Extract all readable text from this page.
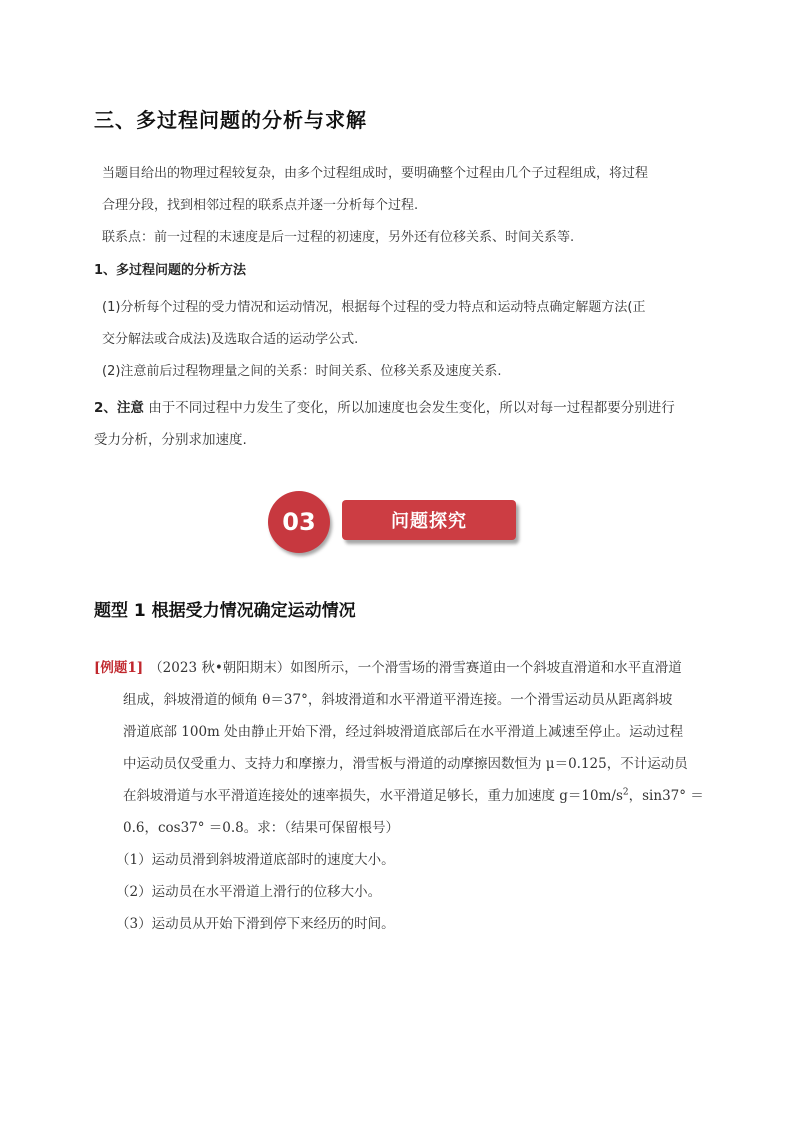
三、多过程问题的分析与求解
当题目给出的物理过程较复杂，由多个过程组成时，要明确整个过程由几个子过程组成，将过程
合理分段，找到相邻过程的联系点并逐一分析每个过程.
联系点：前一过程的末速度是后一过程的初速度，另外还有位移关系、时间关系等.
1、多过程问题的分析方法
(1)分析每个过程的受力情况和运动情况，根据每个过程的受力特点和运动特点确定解题方法(正
交分解法或合成法)及选取合适的运动学公式.
(2)注意前后过程物理量之间的关系：时间关系、位移关系及速度关系.
2、注意 由于不同过程中力发生了变化，所以加速度也会发生变化，所以对每一过程都要分别进行
受力分析，分别求加速度.
03	问题探究
题型 1 根据受力情况确定运动情况
[例题1] （2023 秋•朝阳期末）如图所示，一个滑雪场的滑雪赛道由一个斜坡直滑道和水平直滑道
组成，斜坡滑道的倾角 θ＝37°，斜坡滑道和水平滑道平滑连接。一个滑雪运动员从距离斜坡
滑道底部 100m 处由静止开始下滑，经过斜坡滑道底部后在水平滑道上减速至停止。运动过程
中运动员仅受重力、支持力和摩擦力，滑雪板与滑道的动摩擦因数恒为 μ＝0.125，不计运动员
在斜坡滑道与水平滑道连接处的速率损失，水平滑道足够长，重力加速度 $g=10m/s^2$，sin37° ＝
0.6，cos37° ＝0.8。求：（结果可保留根号）
（1）运动员滑到斜坡滑道底部时的速度大小。
（2）运动员在水平滑道上滑行的位移大小。
（3）运动员从开始下滑到停下来经历的时间。
